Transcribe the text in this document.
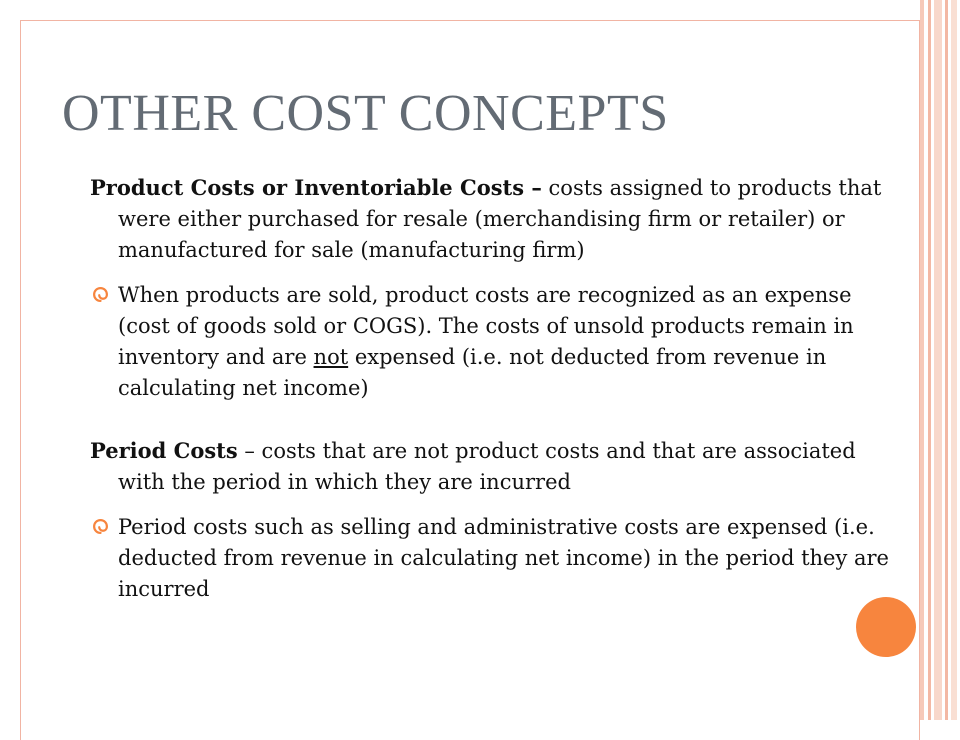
OTHER COST CONCEPTS

Product Costs or Inventoriable Costs – costs assigned to products that were either purchased for resale (merchandising firm or retailer) or manufactured for sale (manufacturing firm)

When products are sold, product costs are recognized as an expense (cost of goods sold or COGS). The costs of unsold products remain in inventory and are not expensed (i.e. not deducted from revenue in calculating net income)

Period Costs – costs that are not product costs and that are associated with the period in which they are incurred

Period costs such as selling and administrative costs are expensed (i.e. deducted from revenue in calculating net income) in the period they are incurred
